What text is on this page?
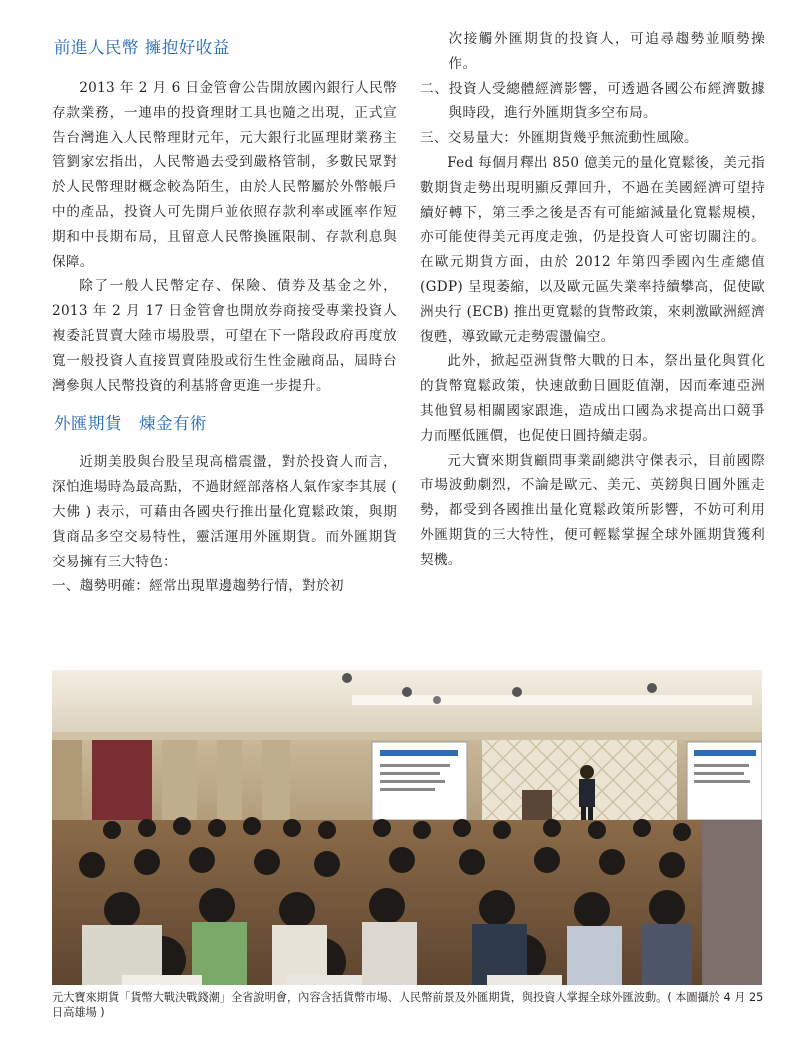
前進人民幣 擁抱好收益

2013 年 2 月 6 日金管會公告開放國內銀行人民幣存款業務，一連串的投資理財工具也隨之出現，正式宣告台灣進入人民幣理財元年，元大銀行北區理財業務主管劉家宏指出，人民幣過去受到嚴格管制，多數民眾對於人民幣理財概念較為陌生，由於人民幣屬於外幣帳戶中的產品，投資人可先開戶並依照存款利率或匯率作短期和中長期布局，且留意人民幣換匯限制、存款利息與保障。

除了一般人民幣定存、保險、債券及基金之外，2013 年 2 月 17 日金管會也開放券商接受專業投資人複委託買賣大陸市場股票，可望在下一階段政府再度放寬一般投資人直接買賣陸股或衍生性金融商品，屆時台灣參與人民幣投資的利基將會更進一步提升。

外匯期貨　煉金有術

近期美股與台股呈現高檔震盪，對於投資人而言，深怕進場時為最高點，不過財經部落格人氣作家李其展 ( 大佛 ) 表示，可藉由各國央行推出量化寬鬆政策，與期貨商品多空交易特性，靈活運用外匯期貨。而外匯期貨交易擁有三大特色：

一、趨勢明確：經常出現單邊趨勢行情，對於初

次接觸外匯期貨的投資人，可追尋趨勢並順勢操作。

二、投資人受總體經濟影響，可透過各國公布經濟數據與時段，進行外匯期貨多空布局。

三、交易量大：外匯期貨幾乎無流動性風險。

Fed 每個月釋出 850 億美元的量化寬鬆後，美元指數期貨走勢出現明顯反彈回升，不過在美國經濟可望持續好轉下，第三季之後是否有可能縮減量化寬鬆規模，亦可能使得美元再度走強，仍是投資人可密切關注的。在歐元期貨方面，由於 2012 年第四季國內生產總值 (GDP) 呈現萎縮，以及歐元區失業率持續攀高，促使歐洲央行 (ECB) 推出更寬鬆的貨幣政策，來刺激歐洲經濟復甦，導致歐元走勢震盪偏空。

此外，掀起亞洲貨幣大戰的日本，祭出量化與質化的貨幣寬鬆政策，快速啟動日圓貶值潮，因而牽連亞洲其他貿易相關國家跟進，造成出口國為求提高出口競爭力而壓低匯價，也促使日圓持續走弱。

元大寶來期貨顧問事業副總洪守傑表示，目前國際市場波動劇烈，不論是歐元、美元、英鎊與日圓外匯走勢，都受到各國推出量化寬鬆政策所影響，不妨可利用外匯期貨的三大特性，便可輕鬆掌握全球外匯期貨獲利契機。

元大寶來期貨「貨幣大戰決戰錢潮」全省說明會，內容含括貨幣市場、人民幣前景及外匯期貨，與投資人掌握全球外匯波動。( 本圖攝於 4 月 25 日高雄場 )
